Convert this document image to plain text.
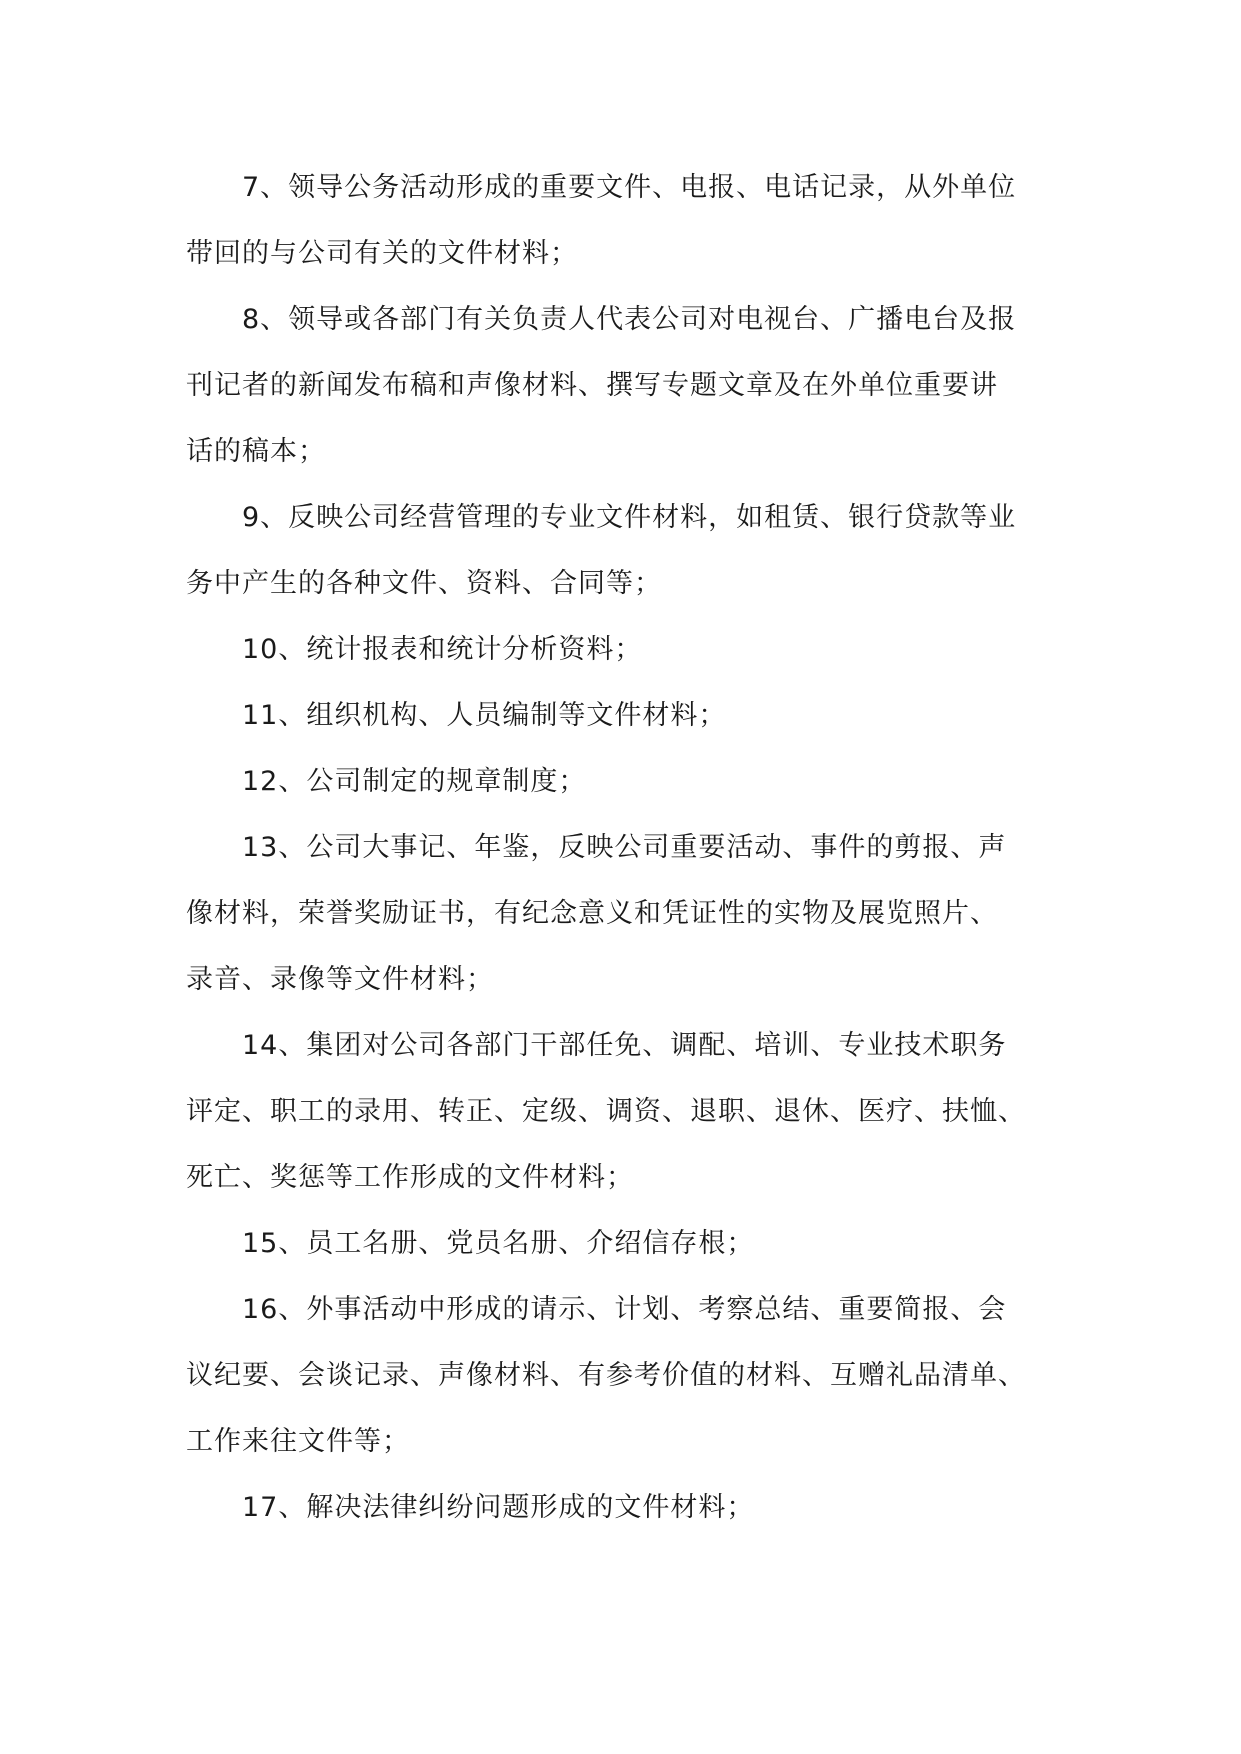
7、领导公务活动形成的重要文件、电报、电话记录，从外单位
带回的与公司有关的文件材料；

8、领导或各部门有关负责人代表公司对电视台、广播电台及报
刊记者的新闻发布稿和声像材料、撰写专题文章及在外单位重要讲
话的稿本；

9、反映公司经营管理的专业文件材料，如租赁、银行贷款等业
务中产生的各种文件、资料、合同等；

10、统计报表和统计分析资料；

11、组织机构、人员编制等文件材料；

12、公司制定的规章制度；

13、公司大事记、年鉴，反映公司重要活动、事件的剪报、声
像材料，荣誉奖励证书，有纪念意义和凭证性的实物及展览照片、
录音、录像等文件材料；

14、集团对公司各部门干部任免、调配、培训、专业技术职务
评定、职工的录用、转正、定级、调资、退职、退休、医疗、扶恤、
死亡、奖惩等工作形成的文件材料；

15、员工名册、党员名册、介绍信存根；

16、外事活动中形成的请示、计划、考察总结、重要简报、会
议纪要、会谈记录、声像材料、有参考价值的材料、互赠礼品清单、
工作来往文件等；

17、解决法律纠纷问题形成的文件材料；
